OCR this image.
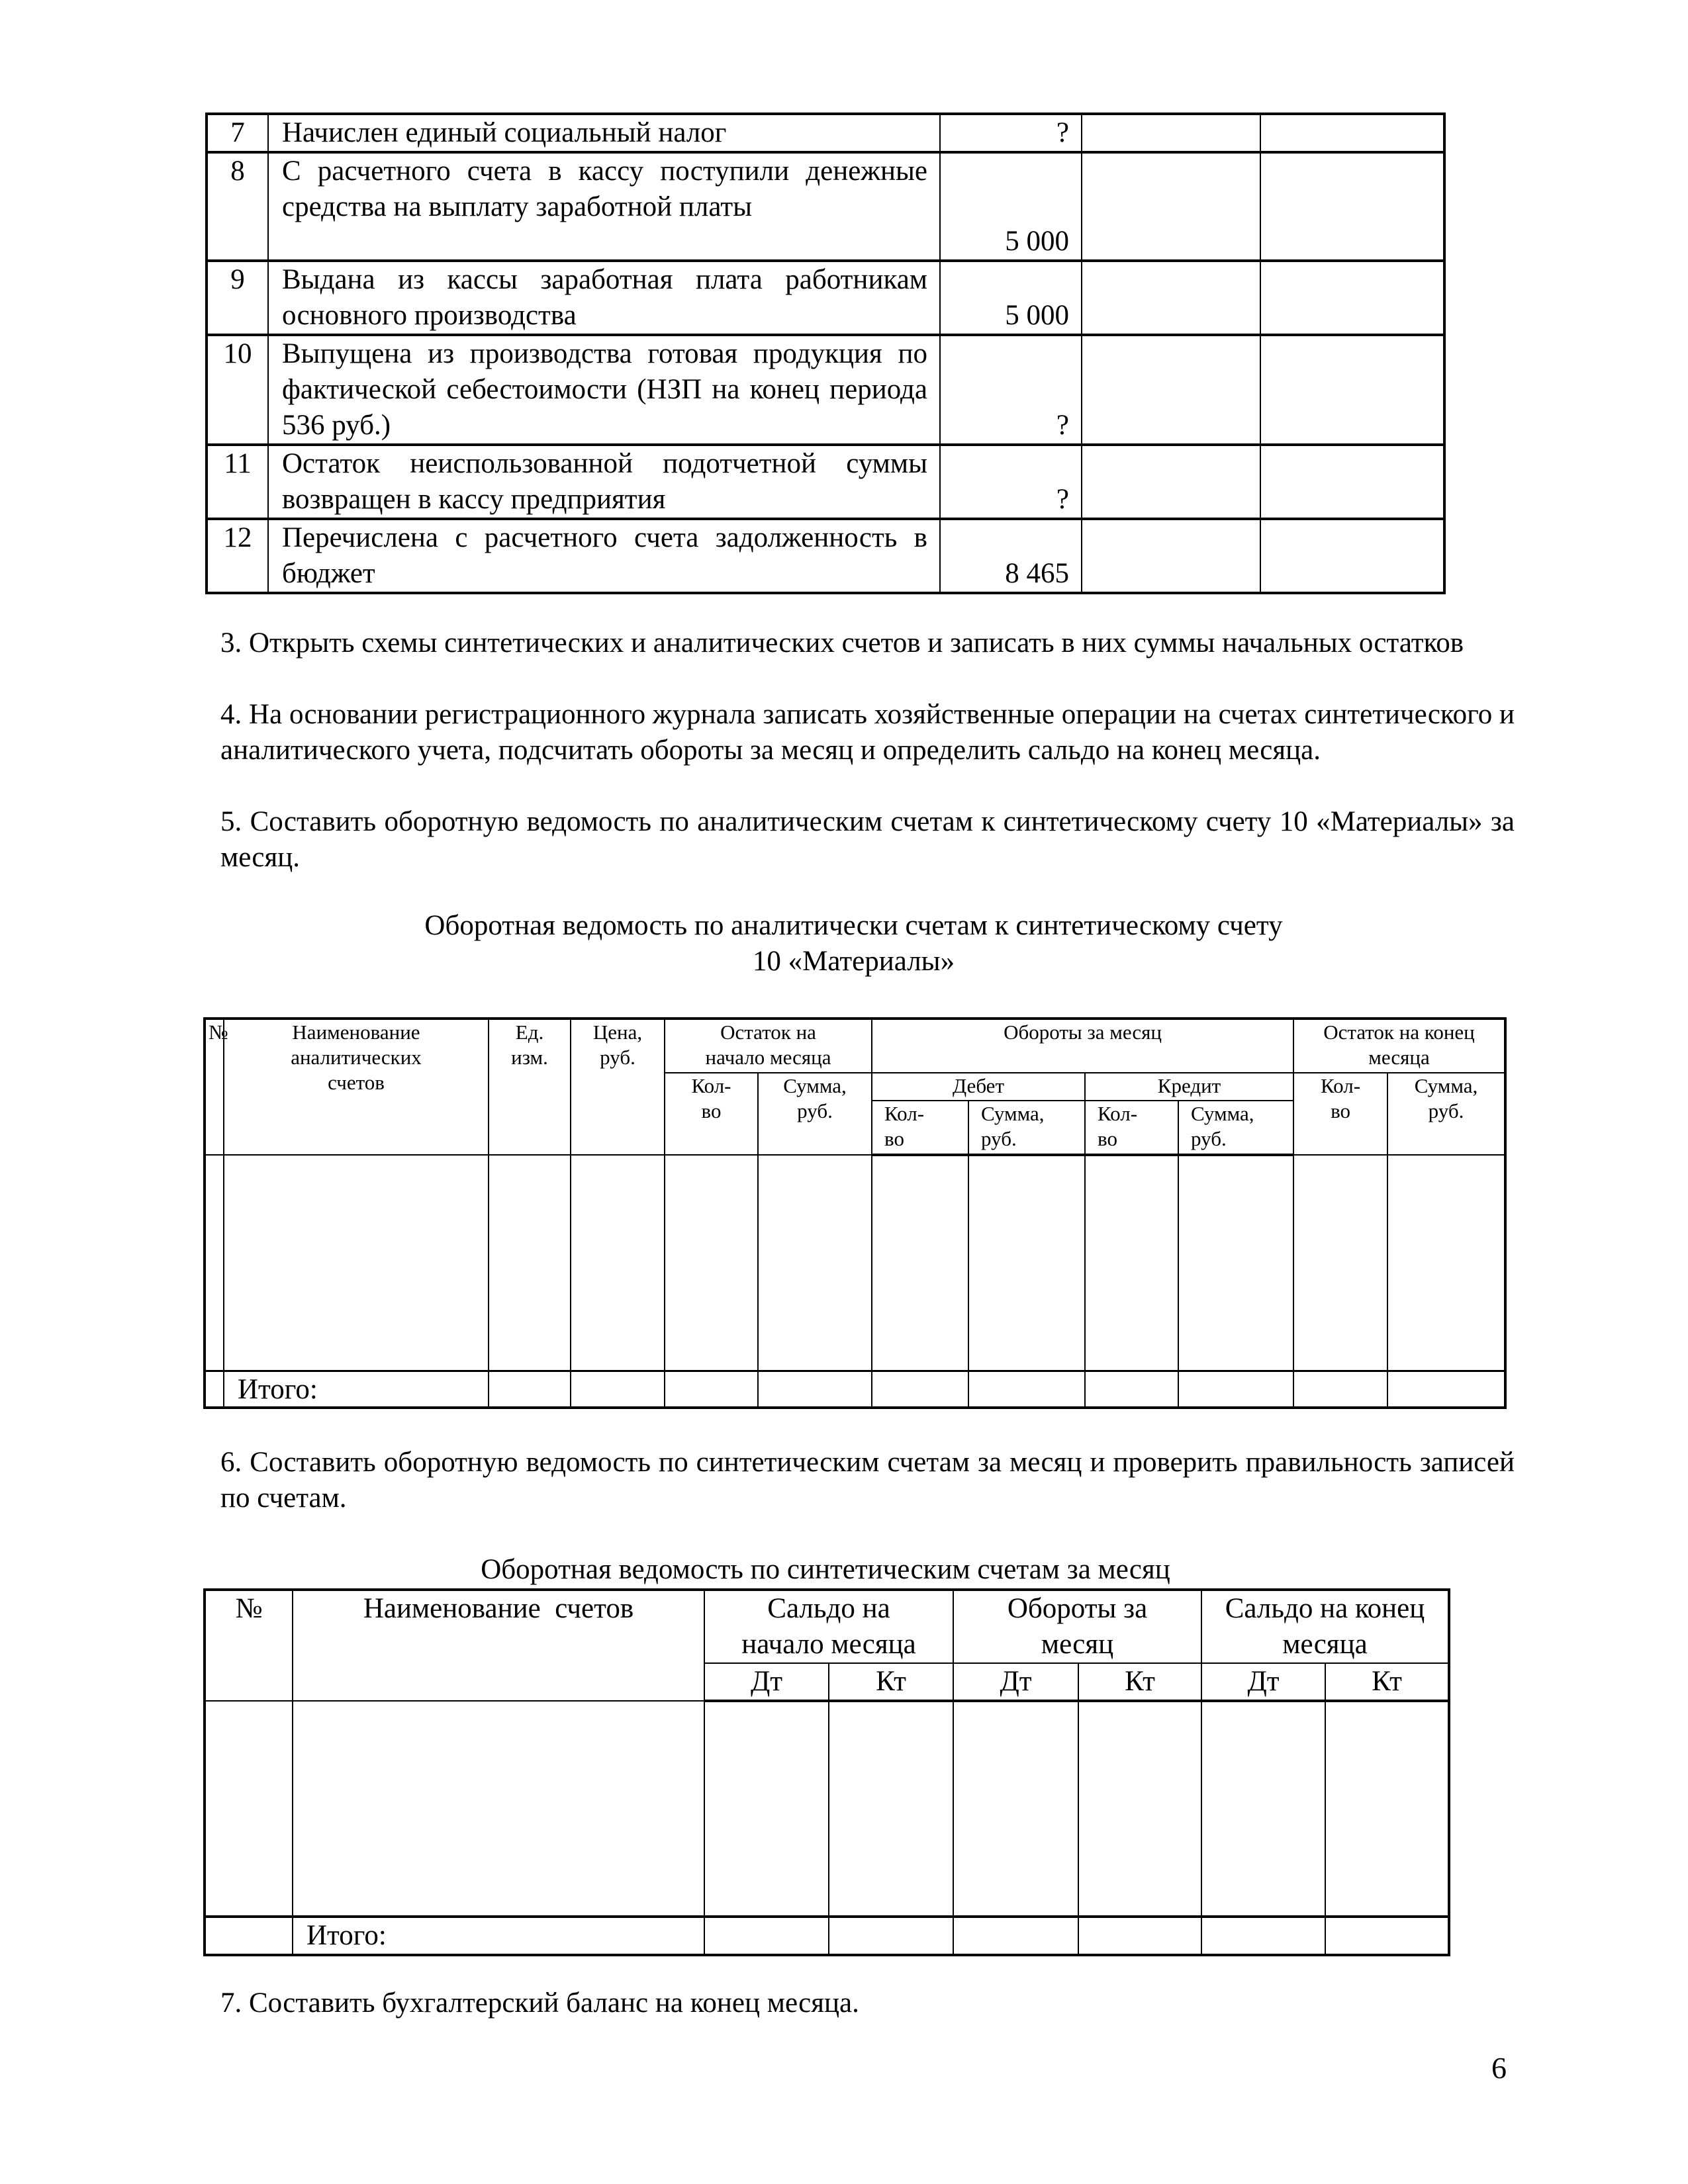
7	Начислен единый социальный налог	?		
8	С расчетного счета в кассу поступили денежные средства на выплату заработной платы	5 000		
9	Выдана из кассы заработная плата работникам основного производства	5 000		
10	Выпущена из производства готовая продукция по фактической себестоимости (НЗП на конец периода 536 руб.)	?		
11	Остаток неиспользованной подотчетной суммы возвращен в кассу предприятия	?		
12	Перечислена с расчетного счета задолженность в бюджет	8 465		
3. Открыть схемы синтетических и аналитических счетов и записать в них суммы начальных остатков
4. На основании регистрационного журнала записать хозяйственные операции на счетах синтетического и аналитического учета, подсчитать обороты за месяц и определить сальдо на конец месяца.
5. Составить оборотную ведомость по аналитическим счетам к синтетическому счету 10 «Материалы» за месяц.
Оборотная ведомость по аналитически счетам к синтетическому счету
10 «Материалы»
№	Наименование аналитических счетов	Ед. изм.	Цена, руб.	Остаток на начало месяца		Обороты за месяц				Остаток на конец месяца	
				Кол-во	Сумма, руб.	Дебет		Кредит		Кол-во	Сумма, руб.
						Кол-во	Сумма, руб.	Кол-во	Сумма, руб.		

	Итого:										
6. Составить оборотную ведомость по синтетическим счетам за месяц и проверить правильность записей по счетам.
Оборотная ведомость по синтетическим счетам за месяц
№	Наименование  счетов	Сальдо на начало месяца		Обороты за месяц		Сальдо на конец месяца	
		Дт	Кт	Дт	Кт	Дт	Кт

	Итого:						
7. Составить бухгалтерский баланс на конец месяца.
6
